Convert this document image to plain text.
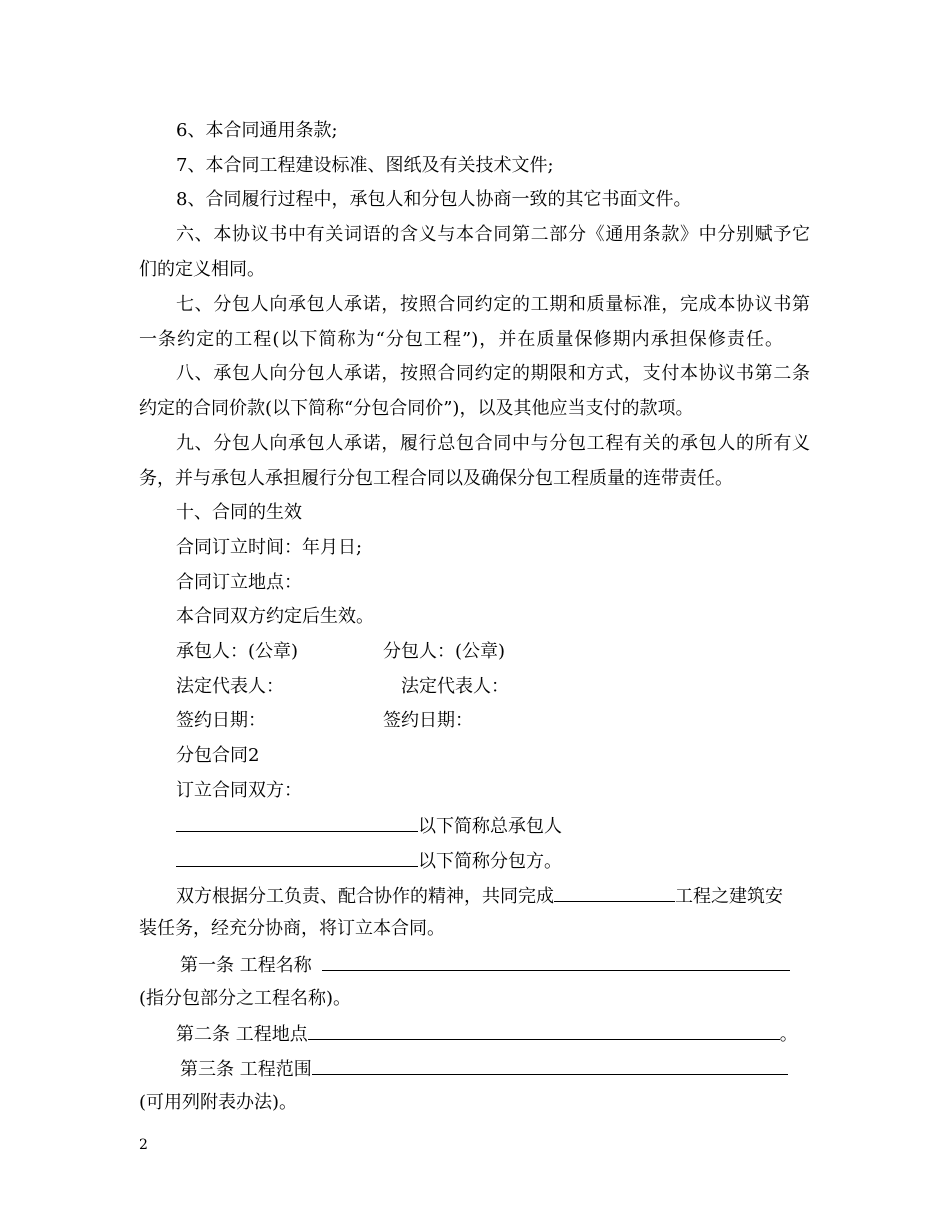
6、本合同通用条款;
7、本合同工程建设标准、图纸及有关技术文件;
8、合同履行过程中，承包人和分包人协商一致的其它书面文件。
六、本协议书中有关词语的含义与本合同第二部分《通用条款》中分别赋予它
们的定义相同。
七、分包人向承包人承诺，按照合同约定的工期和质量标准，完成本协议书第
一条约定的工程(以下简称为“分包工程”)，并在质量保修期内承担保修责任。
八、承包人向分包人承诺，按照合同约定的期限和方式，支付本协议书第二条
约定的合同价款(以下简称“分包合同价”)，以及其他应当支付的款项。
九、分包人向承包人承诺，履行总包合同中与分包工程有关的承包人的所有义
务，并与承包人承担履行分包工程合同以及确保分包工程质量的连带责任。
十、合同的生效
合同订立时间：年月日;
合同订立地点：
本合同双方约定后生效。
承包人：(公章)	分包人：(公章)
法定代表人：	法定代表人：
签约日期：	签约日期：
分包合同2
订立合同双方：
以下简称总承包人
以下简称分包方。
双方根据分工负责、配合协作的精神，共同完成	工程之建筑安
装任务，经充分协商，将订立本合同。
第一条 工程名称
(指分包部分之工程名称)。
第二条 工程地点	。
第三条 工程范围
(可用列附表办法)。
2
